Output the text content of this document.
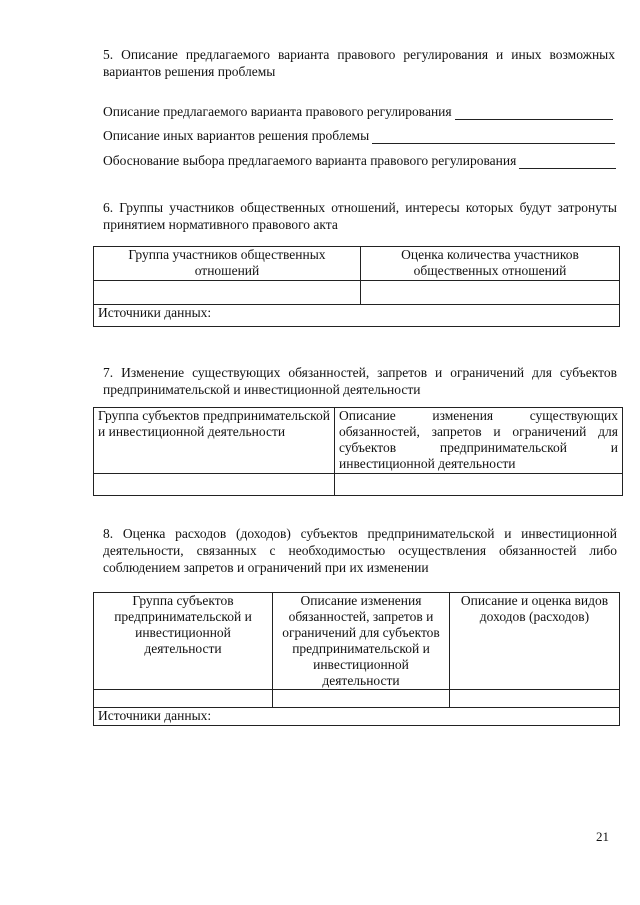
5. Описание предлагаемого варианта правового регулирования и иных возможных вариантов решения проблемы

Описание предлагаемого варианта правового регулирования
Описание иных вариантов решения проблемы
Обоснование выбора предлагаемого варианта правового регулирования

6. Группы участников общественных отношений, интересы которых будут затронуты принятием нормативного правового акта

Группа участников общественных отношений	Оценка количества участников общественных отношений

Источники данных:	

7. Изменение существующих обязанностей, запретов и ограничений для субъектов предпринимательской и инвестиционной деятельности

Группа субъектов предпринимательской и инвестиционной деятельности	Описание изменения существующих обязанностей, запретов и ограничений для субъектов предпринимательской и инвестиционной деятельности

8. Оценка расходов (доходов) субъектов предпринимательской и инвестиционной деятельности, связанных с необходимостью осуществления обязанностей либо соблюдением запретов и ограничений при их изменении

Группа субъектов предпринимательской и инвестиционной деятельности	Описание изменения обязанностей, запретов и ограничений для субъектов предпринимательской и инвестиционной деятельности	Описание и оценка видов доходов (расходов)

Источники данных:		
21
